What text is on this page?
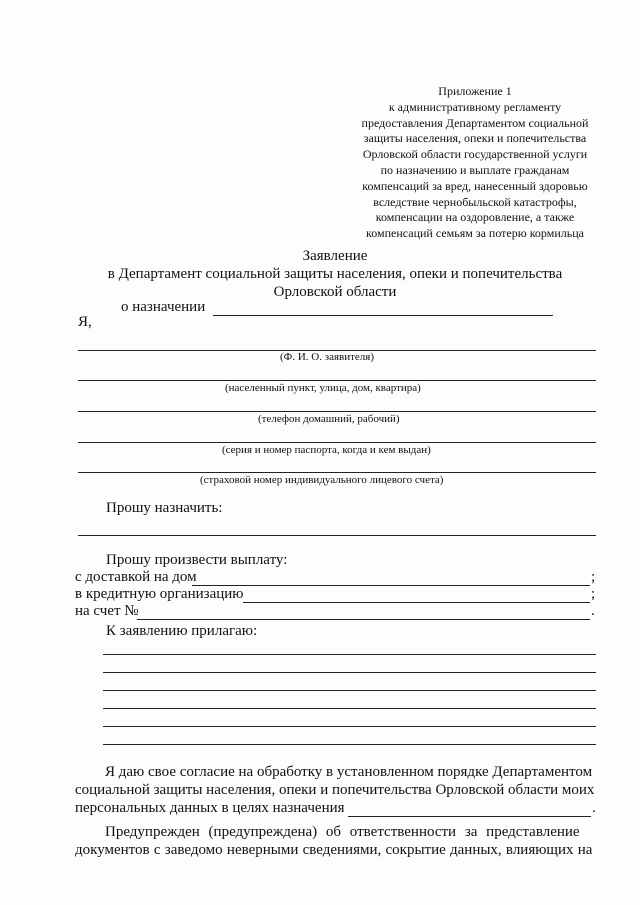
Приложение 1
к административному регламенту
предоставления Департаментом социальной
защиты населения, опеки и попечительства
Орловской области государственной услуги
по назначению и выплате гражданам
компенсаций за вред, нанесенный здоровью
вследствие чернобыльской катастрофы,
компенсации на оздоровление, а также
компенсаций семьям за потерю кормильца
Заявление
в Департамент социальной защиты населения, опеки и попечительства
Орловской области
о назначении
Я,
(Ф. И. О. заявителя)
(населенный пункт, улица, дом, квартира)
(телефон домашний, рабочий)
(серия и номер паспорта, когда и кем выдан)
(страховой номер индивидуального лицевого счета)
Прошу назначить:
Прошу произвести выплату:
с доставкой на дом	;
в кредитную организацию	;
на счет №	.
К заявлению прилагаю:
Я даю свое согласие на обработку в установленном порядке Департаментом
социальной защиты населения, опеки и попечительства Орловской области моих
персональных данных в целях назначения	.
Предупрежден (предупреждена) об ответственности за представление
документов с заведомо неверными сведениями, сокрытие данных, влияющих на
